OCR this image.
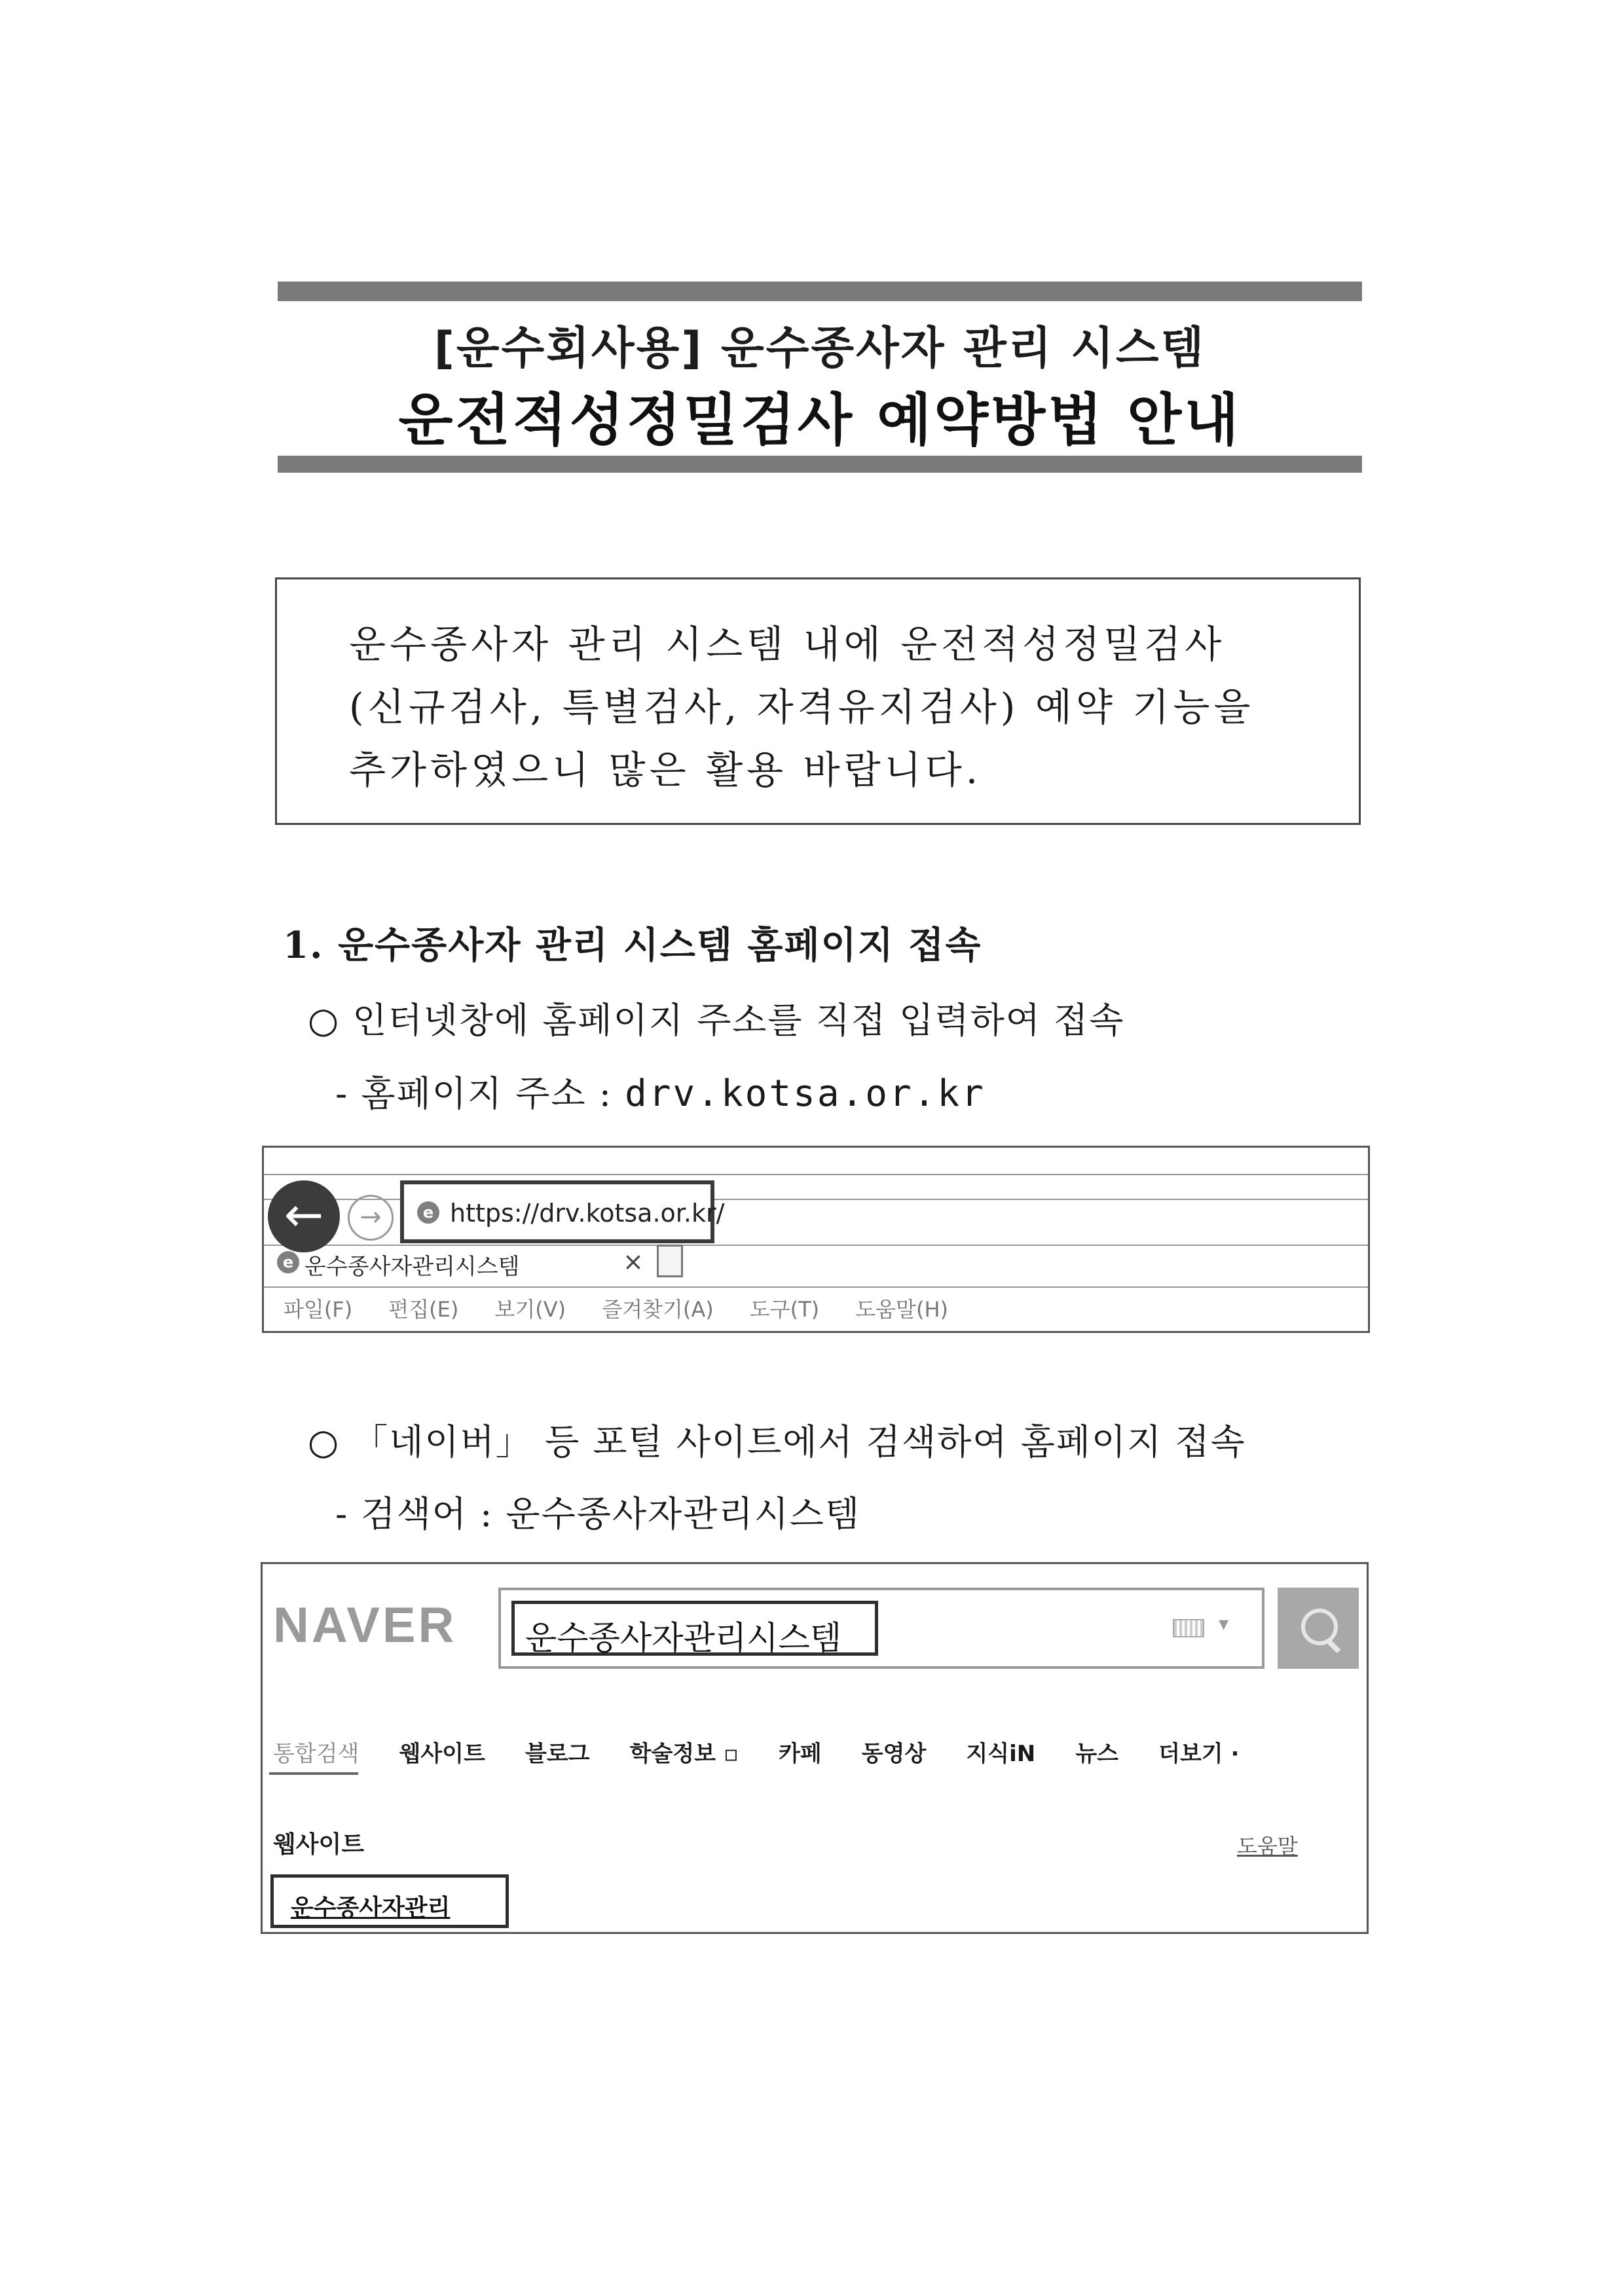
[운수회사용] 운수종사자 관리 시스템
운전적성정밀검사 예약방법 안내
운수종사자 관리 시스템 내에 운전적성정밀검사
(신규검사, 특별검사, 자격유지검사) 예약 기능을
추가하였으니 많은 활용 바랍니다.
1. 운수종사자 관리 시스템 홈페이지 접속
○ 인터넷창에 홈페이지 주소를 직접 입력하여 접속
- 홈페이지 주소 : drv.kotsa.or.kr
←	→	e https://drv.kotsa.or.kr/
e 운수종사자관리시스템	×
파일(F) 편집(E) 보기(V) 즐겨찾기(A) 도구(T) 도움말(H)
○ 「네이버」 등 포털 사이트에서 검색하여 홈페이지 접속
- 검색어 : 운수종사자관리시스템
NAVER 운수종사자관리시스템	▾
통합검색 웹사이트 블로그 학술정보 ▫ 카페 동영상 지식iN 뉴스 더보기 ·
웹사이트	도움말
운수종사자관리
